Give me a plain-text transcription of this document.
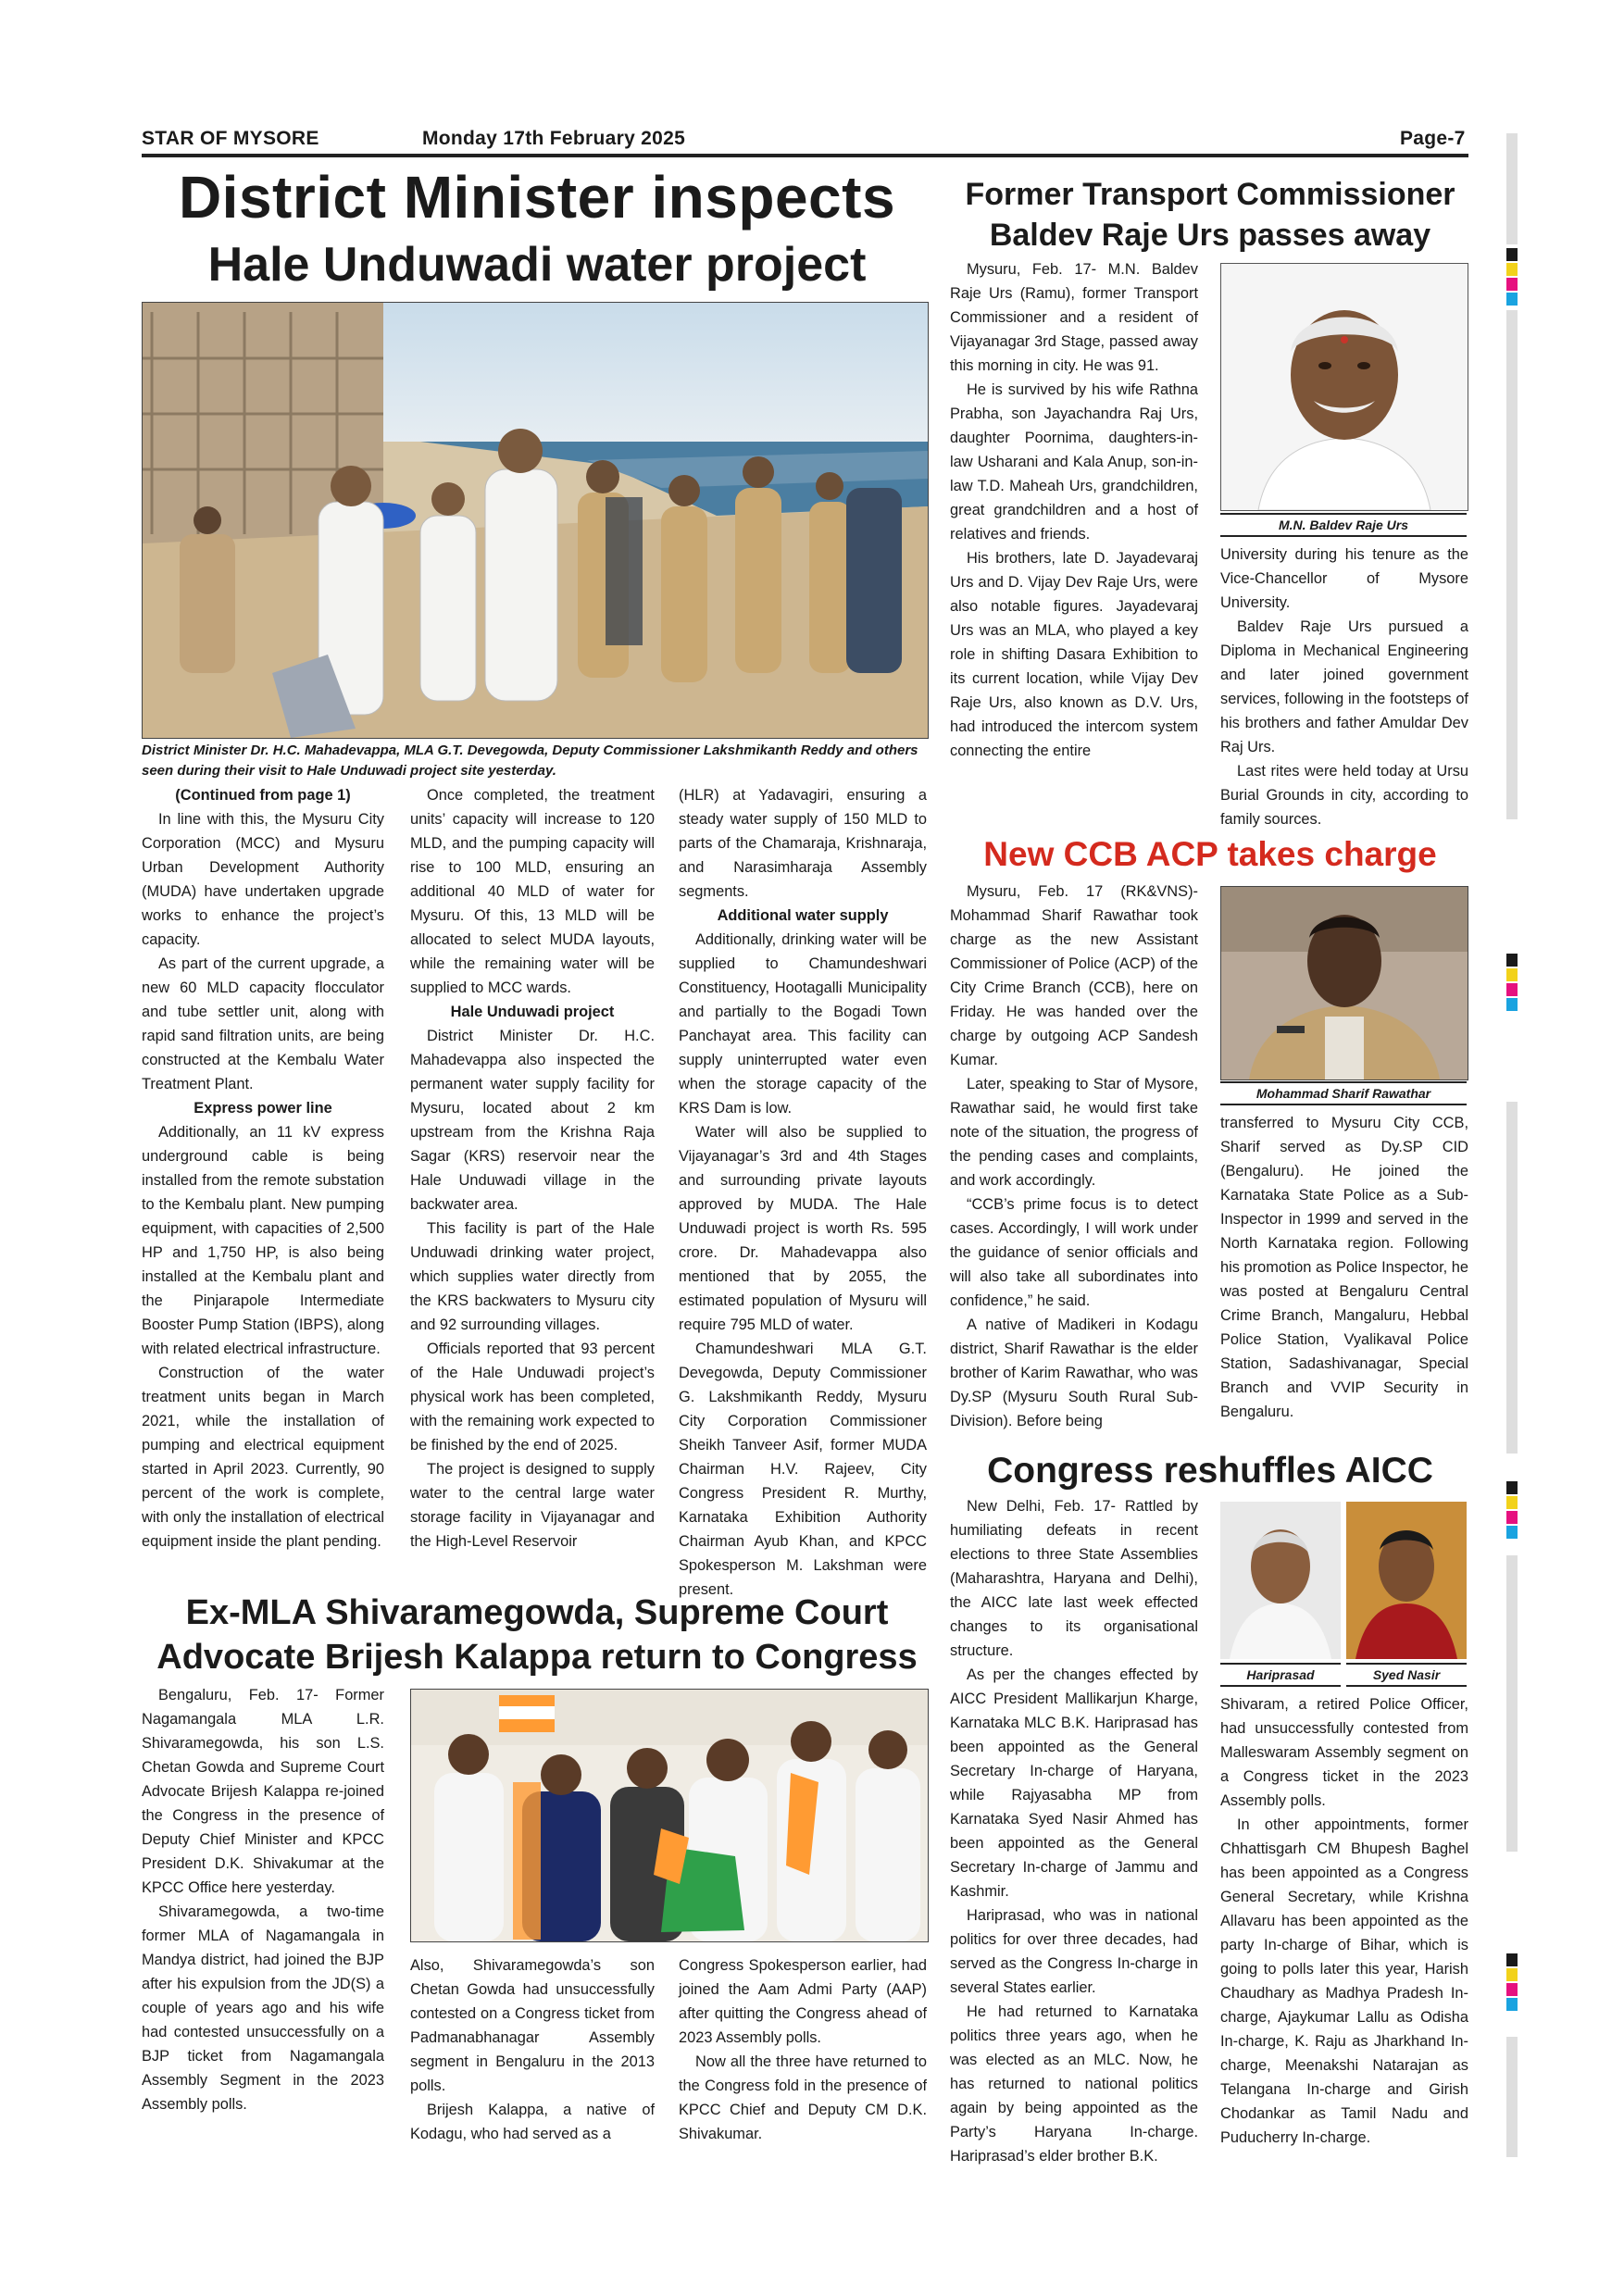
STAR OF MYSORE	Monday 17th February 2025	Page-7
District Minister inspects
Hale Unduwadi water project
District Minister Dr. H.C. Mahadevappa, MLA G.T. Devegowda, Deputy Commissioner Lakshmikanth Reddy and others seen during their visit to Hale Unduwadi project site yesterday.

(Continued from page 1)

In line with this, the Mysuru City Corporation (MCC) and Mysuru Urban Development Authority (MUDA) have undertaken upgrade works to enhance the project’s capacity.

As part of the current upgrade, a new 60 MLD capacity flocculator and tube settler unit, along with rapid sand filtration units, are being constructed at the Kembalu Water Treatment Plant.

Express power line

Additionally, an 11 kV express underground cable is being installed from the remote substation to the Kembalu plant. New pumping equipment, with capacities of 2,500 HP and 1,750 HP, is also being installed at the Kembalu plant and the Pinjarapole Intermediate Booster Pump Station (IBPS), along with related electrical infrastructure.

Construction of the water treatment units began in March 2021, while the installation of pumping and electrical equipment started in April 2023. Currently, 90 percent of the work is complete, with only the installation of electrical equipment inside the plant pending.

Once completed, the treatment units’ capacity will increase to 120 MLD, and the pumping capacity will rise to 100 MLD, ensuring an additional 40 MLD of water for Mysuru. Of this, 13 MLD will be allocated to select MUDA layouts, while the remaining water will be supplied to MCC wards.

Hale Unduwadi project

District Minister Dr. H.C. Mahadevappa also inspected the permanent water supply facility for Mysuru, located about 2 km upstream from the Krishna Raja Sagar (KRS) reservoir near the Hale Unduwadi village in the backwater area.

This facility is part of the Hale Unduwadi drinking water project, which supplies water directly from the KRS backwaters to Mysuru city and 92 surrounding villages.

Officials reported that 93 percent of the Hale Unduwadi project’s physical work has been completed, with the remaining work expected to be finished by the end of 2025.

The project is designed to supply water to the central large water storage facility in Vijayanagar and the High-Level Reservoir

(HLR) at Yadavagiri, ensuring a steady water supply of 150 MLD to parts of the Chamaraja, Krishnaraja, and Narasimharaja Assembly segments.

Additional water supply

Additionally, drinking water will be supplied to Chamundeshwari Constituency, Hootagalli Municipality and partially to the Bogadi Town Panchayat area. This facility can supply uninterrupted water even when the storage capacity of the KRS Dam is low.

Water will also be supplied to Vijayanagar’s 3rd and 4th Stages and surrounding private layouts approved by MUDA. The Hale Unduwadi project is worth Rs. 595 crore. Dr. Mahadevappa also mentioned that by 2055, the estimated population of Mysuru will require 795 MLD of water.

Chamundeshwari MLA G.T. Devegowda, Deputy Commissioner G. Lakshmikanth Reddy, Mysuru City Corporation Commissioner Sheikh Tanveer Asif, former MUDA Chairman H.V. Rajeev, City Congress President R. Murthy, Karnataka Exhibition Authority Chairman Ayub Khan, and KPCC Spokesperson M. Lakshman were present.

Former Transport Commissioner
Baldev Raje Urs passes away

Mysuru, Feb. 17- M.N. Baldev Raje Urs (Ramu), former Transport Commissioner and a resident of Vijayanagar 3rd Stage, passed away this morning in city. He was 91.

He is survived by his wife Rathna Prabha, son Jayachandra Raj Urs, daughter Poornima, daughters-in-law Usharani and Kala Anup, son-in-law T.D. Maheah Urs, grandchildren, great grandchildren and a host of relatives and friends.

His brothers, late D. Jayadevaraj Urs and D. Vijay Dev Raje Urs, were also notable figures. Jayadevaraj Urs was an MLA, who played a key role in shifting Dasara Exhibition to its current location, while Vijay Dev Raje Urs, also known as D.V. Urs, had introduced the intercom system connecting the entire

M.N. Baldev Raje Urs

University during his tenure as the Vice-Chancellor of Mysore University.

Baldev Raje Urs pursued a Diploma in Mechanical Engineering and later joined government services, following in the footsteps of his brothers and father Amuldar Dev Raj Urs.

Last rites were held today at Ursu Burial Grounds in city, according to family sources.

New CCB ACP takes charge

Mysuru, Feb. 17 (RK&VNS)- Mohammad Sharif Rawathar took charge as the new Assistant Commissioner of Police (ACP) of the City Crime Branch (CCB), here on Friday. He was handed over the charge by outgoing ACP Sandesh Kumar.

Later, speaking to Star of Mysore, Rawathar said, he would first take note of the situation, the progress of the pending cases and complaints, and work accordingly.

“CCB’s prime focus is to detect cases. Accordingly, I will work under the guidance of senior officials and will also take all subordinates into confidence,” he said.

A native of Madikeri in Kodagu district, Sharif Rawathar is the elder brother of Karim Rawathar, who was Dy.SP (Mysuru South Rural Sub-Division). Before being

Mohammad Sharif Rawathar

transferred to Mysuru City CCB, Sharif served as Dy.SP CID (Bengaluru). He joined the Karnataka State Police as a Sub-Inspector in 1999 and served in the North Karnataka region. Following his promotion as Police Inspector, he was posted at Bengaluru Central Crime Branch, Mangaluru, Hebbal Police Station, Vyalikaval Police Station, Sadashivanagar, Special Branch and VVIP Security in Bengaluru.

Ex-MLA Shivaramegowda, Supreme Court
Advocate Brijesh Kalappa return to Congress

Bengaluru, Feb. 17- Former Nagamangala MLA L.R. Shivaramegowda, his son L.S. Chetan Gowda and Supreme Court Advocate Brijesh Kalappa re-joined the Congress in the presence of Deputy Chief Minister and KPCC President D.K. Shivakumar at the KPCC Office here yesterday.

Shivaramegowda, a two-time former MLA of Nagamangala in Mandya district, had joined the BJP after his expulsion from the JD(S) a couple of years ago and his wife had contested unsuccessfully on a BJP ticket from Nagamangala Assembly Segment in the 2023 Assembly polls.

Also, Shivaramegowda’s son Chetan Gowda had unsuccessfully contested on a Congress ticket from Padmanabhanagar Assembly segment in Bengaluru in the 2013 polls.

Brijesh Kalappa, a native of Kodagu, who had served as a

Congress Spokesperson earlier, had joined the Aam Admi Party (AAP) after quitting the Congress ahead of 2023 Assembly polls.

Now all the three have returned to the Congress fold in the presence of KPCC Chief and Deputy CM D.K. Shivakumar.

Congress reshuffles AICC

New Delhi, Feb. 17- Rattled by humiliating defeats in recent elections to three State Assemblies (Maharashtra, Haryana and Delhi), the AICC late last week effected changes to its organisational structure.

As per the changes effected by AICC President Mallikarjun Kharge, Karnataka MLC B.K. Hariprasad has been appointed as the General Secretary In-charge of Haryana, while Rajyasabha MP from Karnataka Syed Nasir Ahmed has been appointed as the General Secretary In-charge of Jammu and Kashmir.

Hariprasad, who was in national politics for over three decades, had served as the Congress In-charge in several States earlier.

He had returned to Karnataka politics three years ago, when he was elected as an MLC. Now, he has returned to national politics again by being appointed as the Party’s Haryana In-charge. Hariprasad’s elder brother B.K.

Hariprasad	Syed Nasir

Shivaram, a retired Police Officer, had unsuccessfully contested from Malleswaram Assembly segment on a Congress ticket in the 2023 Assembly polls.

In other appointments, former Chhattisgarh CM Bhupesh Baghel has been appointed as a Congress General Secretary, while Krishna Allavaru has been appointed as the party In-charge of Bihar, which is going to polls later this year, Harish Chaudhary as Madhya Pradesh In-charge, Ajaykumar Lallu as Odisha In-charge, K. Raju as Jharkhand In-charge, Meenakshi Natarajan as Telangana In-charge and Girish Chodankar as Tamil Nadu and Puducherry In-charge.
